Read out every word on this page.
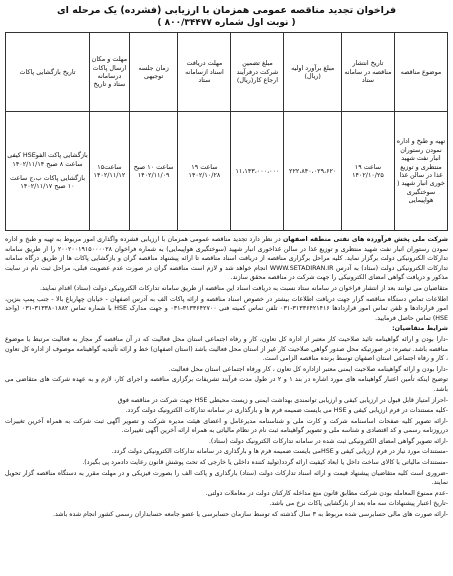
فراخوان تجدید مناقصه عمومی همزمان با ارزیابی (فشرده) یک مرحله ای
( نوبت اول شماره ۸۰۰/۳۴۴۷۷ )
موضوع مناقصه	تاریخ انتشار مناقصه در سامانه ستاد	مبلغ برآورد اولیه (ریال)	مبلغ تضمین شرکت درفرآیند ارجاع کار(ریال)	مهلت دریافت اسناد ازسامانه ستاد	زمان جلسه توجیهی	مهلت و مکان ارسال پاکات درسامانه ستاد و تاریخ	تاریخ بازگشایی پاکات
تهیه و طبخ و اداره نمودن رستوران انبار نفت شهید منتظری و توزیع غذا در سالن غذا خوری انبار شهید ( سوختگیری هواپیمایی	ساعت ۱۹ ۱۴۰۲/۱۰/۲۵	۲۲۲،۸۴۰،۰۲۹،۶۲۰	۱۱،۱۴۳،۰۰۰،۰۰۰	ساعت ۱۹ ۱۴۰۲/۱۰/۲۸	ساعت ۱۰ صبح ۱۴۰۲/۱۱/۰۹	ساعت۱۵ ۱۴۰۲/۱۱/۱۲	بازگشایی پاکت الفوHSE کیفی ساعت ۸ صبح ۱۴۰۲/۱۱/۱۴
بازگشایی پاکات ب،ج ساعت ۱۰ صبح ۱۴۰۲/۱۱/۱۷

شرکت ملی پخش فرآورده های نفتی منطقه اصفهان در نظر دارد تجدید مناقصه عمومی همزمان با ارزیابی فشرده واگذاری امور مربوط به تهیه و طبخ و اداره نمودن رستوران انبار نفت شهید منتظری و توزیع غذا در سالن غذاخوری انبار شهید (سوختگیری هواپیمایی) به شماره فراخوان ۲۰۰۲۰۰۱۹۱۵۰۰۰۰۲۸ را از طریق سامانه تدارکات الکترونیکی دولت برگزار نماید. کلیه مراحل برگزاری مناقصه از دریافت اسناد مناقصه تا ارائه پیشنهاد مناقصه گران و بازگشایی پاکات ها از طریق درگاه سامانه تدارکات الکترونیکی دولت (ستاد) به آدرس WWW.SETADIRAN.IR انجام خواهد شد و لازم است مناقصه گران در صورت عدم عضویت قبلی، مراحل ثبت نام در سایت مذکور و دریافت گواهی امضای الکترونیکی را جهت شرکت در مناقصه محقق سازند.

متقاضیان می توانند بعد از انتشار فراخوان در سامانه ستاد نسبت به دریافت اسناد این مناقصه از طریق سامانه تدارکات الکترونیکی دولت (ستاد) اقدام نمایند.

اطلاعات تماس دستگاه مناقصه گزار جهت دریافت اطلاعات بیشتر در خصوص اسناد مناقصه و ارائه پاکات الف به آدرس اصفهان - خیابان چهارباغ بالا - جنب پمپ بنزین، امور قراردادها و تلفن تماس امور قراردادها ۳۱۳۳۶۴۲۱۴۱۶-۰۳۱ تلفن تماس کمیته فنی ۳۱۳۳۶۴۲۷۰۰-۰۳۱ و جهت مدارک HSE با شماره تماس ۳۱۳۳۸۰۱۸۸۲-۰۳۱ (واحد HSE) تماس حاصل فرمایید.

شرایط متقاضیان:

-دارا بودن و ارائه گواهینامه تائید صلاحیت کار معتبر از اداره کل تعاون، کار و رفاه اجتماعی استان محل فعالیت که در آن مناقصه گر مجاز به فعالیت مرتبط با موضوع مناقصه باشد. تبصره: در صورتیکه محل صدور گواهی صلاحیت کار غیر از استان محل فعالیت باشد (استان اصفهان) خط و ارائه تأئیدیه گواهینامه موصوف از اداره کل تعاون ، کار و رفاه اجتماعی استان اصفهان توسط برنده مناقصه الزامی است.

-دارا بودن و ارائه گواهینامه صلاحیت ایمنی معتبر ازاداره کل تعاون ، کار ورفاه اجتماعی استان محل فعالیت.

توضیح اینکه تأمین اعتبار گواهینامه های مورد اشاره در بند ۱ و ۲ در طول مدت فرآیند تشریفات برگزاری مناقصه و اجرای کار، لازم و به عهده شرکت های متقاضی می باشد.

-احراز امتیاز قابل قبول در ارزیابی کیفی و ارزیابی توانمندی بهداشت ایمنی و زیست محیطی HSE جهت شرکت در مناقصه فوق

-کلیه مستندات در فرم ارزیابی کیفی و HSE می بایست ضمیمه فرم ها و بارگذاری در سامانه تدارکات الکترونیک دولت گردد.

-ارائه تصویر کلیه صفحات اساسنامه شرکت و کارت ملی و شناسنامه مدیرعامل و اعضای هیئت مدیره شرکت و تصویر آگهی ثبت شرکت به همراه آخرین تغییرات درروزنامه رسمی و کد اقتصادی و شناسه ملی و تصویر گواهینامه ثبت نام در نظام مالیاتی به همراه ارائه آخرین آگهی تغییرات.

-ارائه تصویر گواهی امضای الکترونیکی ثبت شده در سامانه تدارکات الکترونیک دولت (ستاد).

-مستندات مورد نیاز در فرم ارزیابی کیفی و HSEمی بایست ضمیمه فرم ها و بارگذاری در سامانه تدارکات الکترونیکی دولت گردد.

-مستندات مالیاتی با کالای ساخت داخل یا ابعاد کیفیت ارائه گردد(تولید کننده داخلی یا خارجی که تحت پوشش قانون رعایت دادمرد پی بگیرد).

-ضروری است کلیه متقاضیان پیشنهاد قیمت و ارائه اسناد تدارکات دولت (ستاد) بارگذاری و پاکت الف را بصورت فیزیکی و در مهلت مقرر به دستگاه مناقصه گزار تحویل نمایند.

-عدم ممنوع المعامله بودن شرکت مطابق قانون منع مداخله کارکنان دولت در معاملات دولتی.

-تاریخ اعتبار پیشنهادات سه ماه بعد از بازگشایی پاکات نرخ می باشد.

-ارائه صورت های مالی حسابرسی شده مربوط به ۳ سال گذشته که توسط سازمان حسابرسی یا عضو جامعه حسابداران رسمی کشور انجام شده باشد.
